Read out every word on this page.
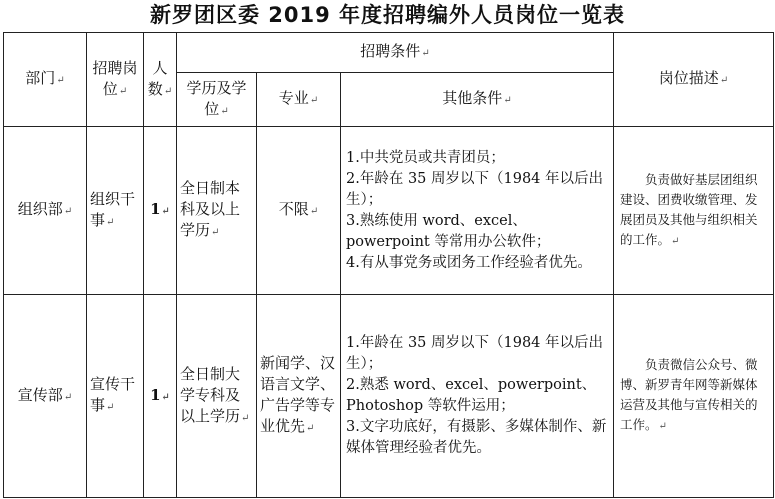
新罗团区委 2019 年度招聘编外人员岗位一览表
部门 ↵	招聘岗位 ↵	人数 ↵	招聘条件 ↵			岗位描述 ↵
			学历及学位 ↵	专业 ↵	其他条件 ↵
组织部 ↵	组织干事 ↵	1 ↵	全日制本科及以上学历 ↵	不限 ↵	1.中共党员或共青团员；
2.年龄在 35 周岁以下（1984 年以后出生）；
3.熟练使用 word、excel、powerpoint 等常用办公软件；
4.有从事党务或团务工作经验者优先。	负责做好基层团组织建设、团费收缴管理、发展团员及其他与组织相关的工作。 ↵
宣传部 ↵	宣传干事 ↵	1 ↵	全日制大学专科及以上学历 ↵	新闻学、汉语言文学、广告学等专业优先 ↵	1.年龄在 35 周岁以下（1984 年以后出生）；
2.熟悉 word、excel、powerpoint、Photoshop 等软件运用；
3.文字功底好，有摄影、多媒体制作、新媒体管理经验者优先。	负责微信公众号、微博、新罗青年网等新媒体运营及其他与宣传相关的工作。 ↵
